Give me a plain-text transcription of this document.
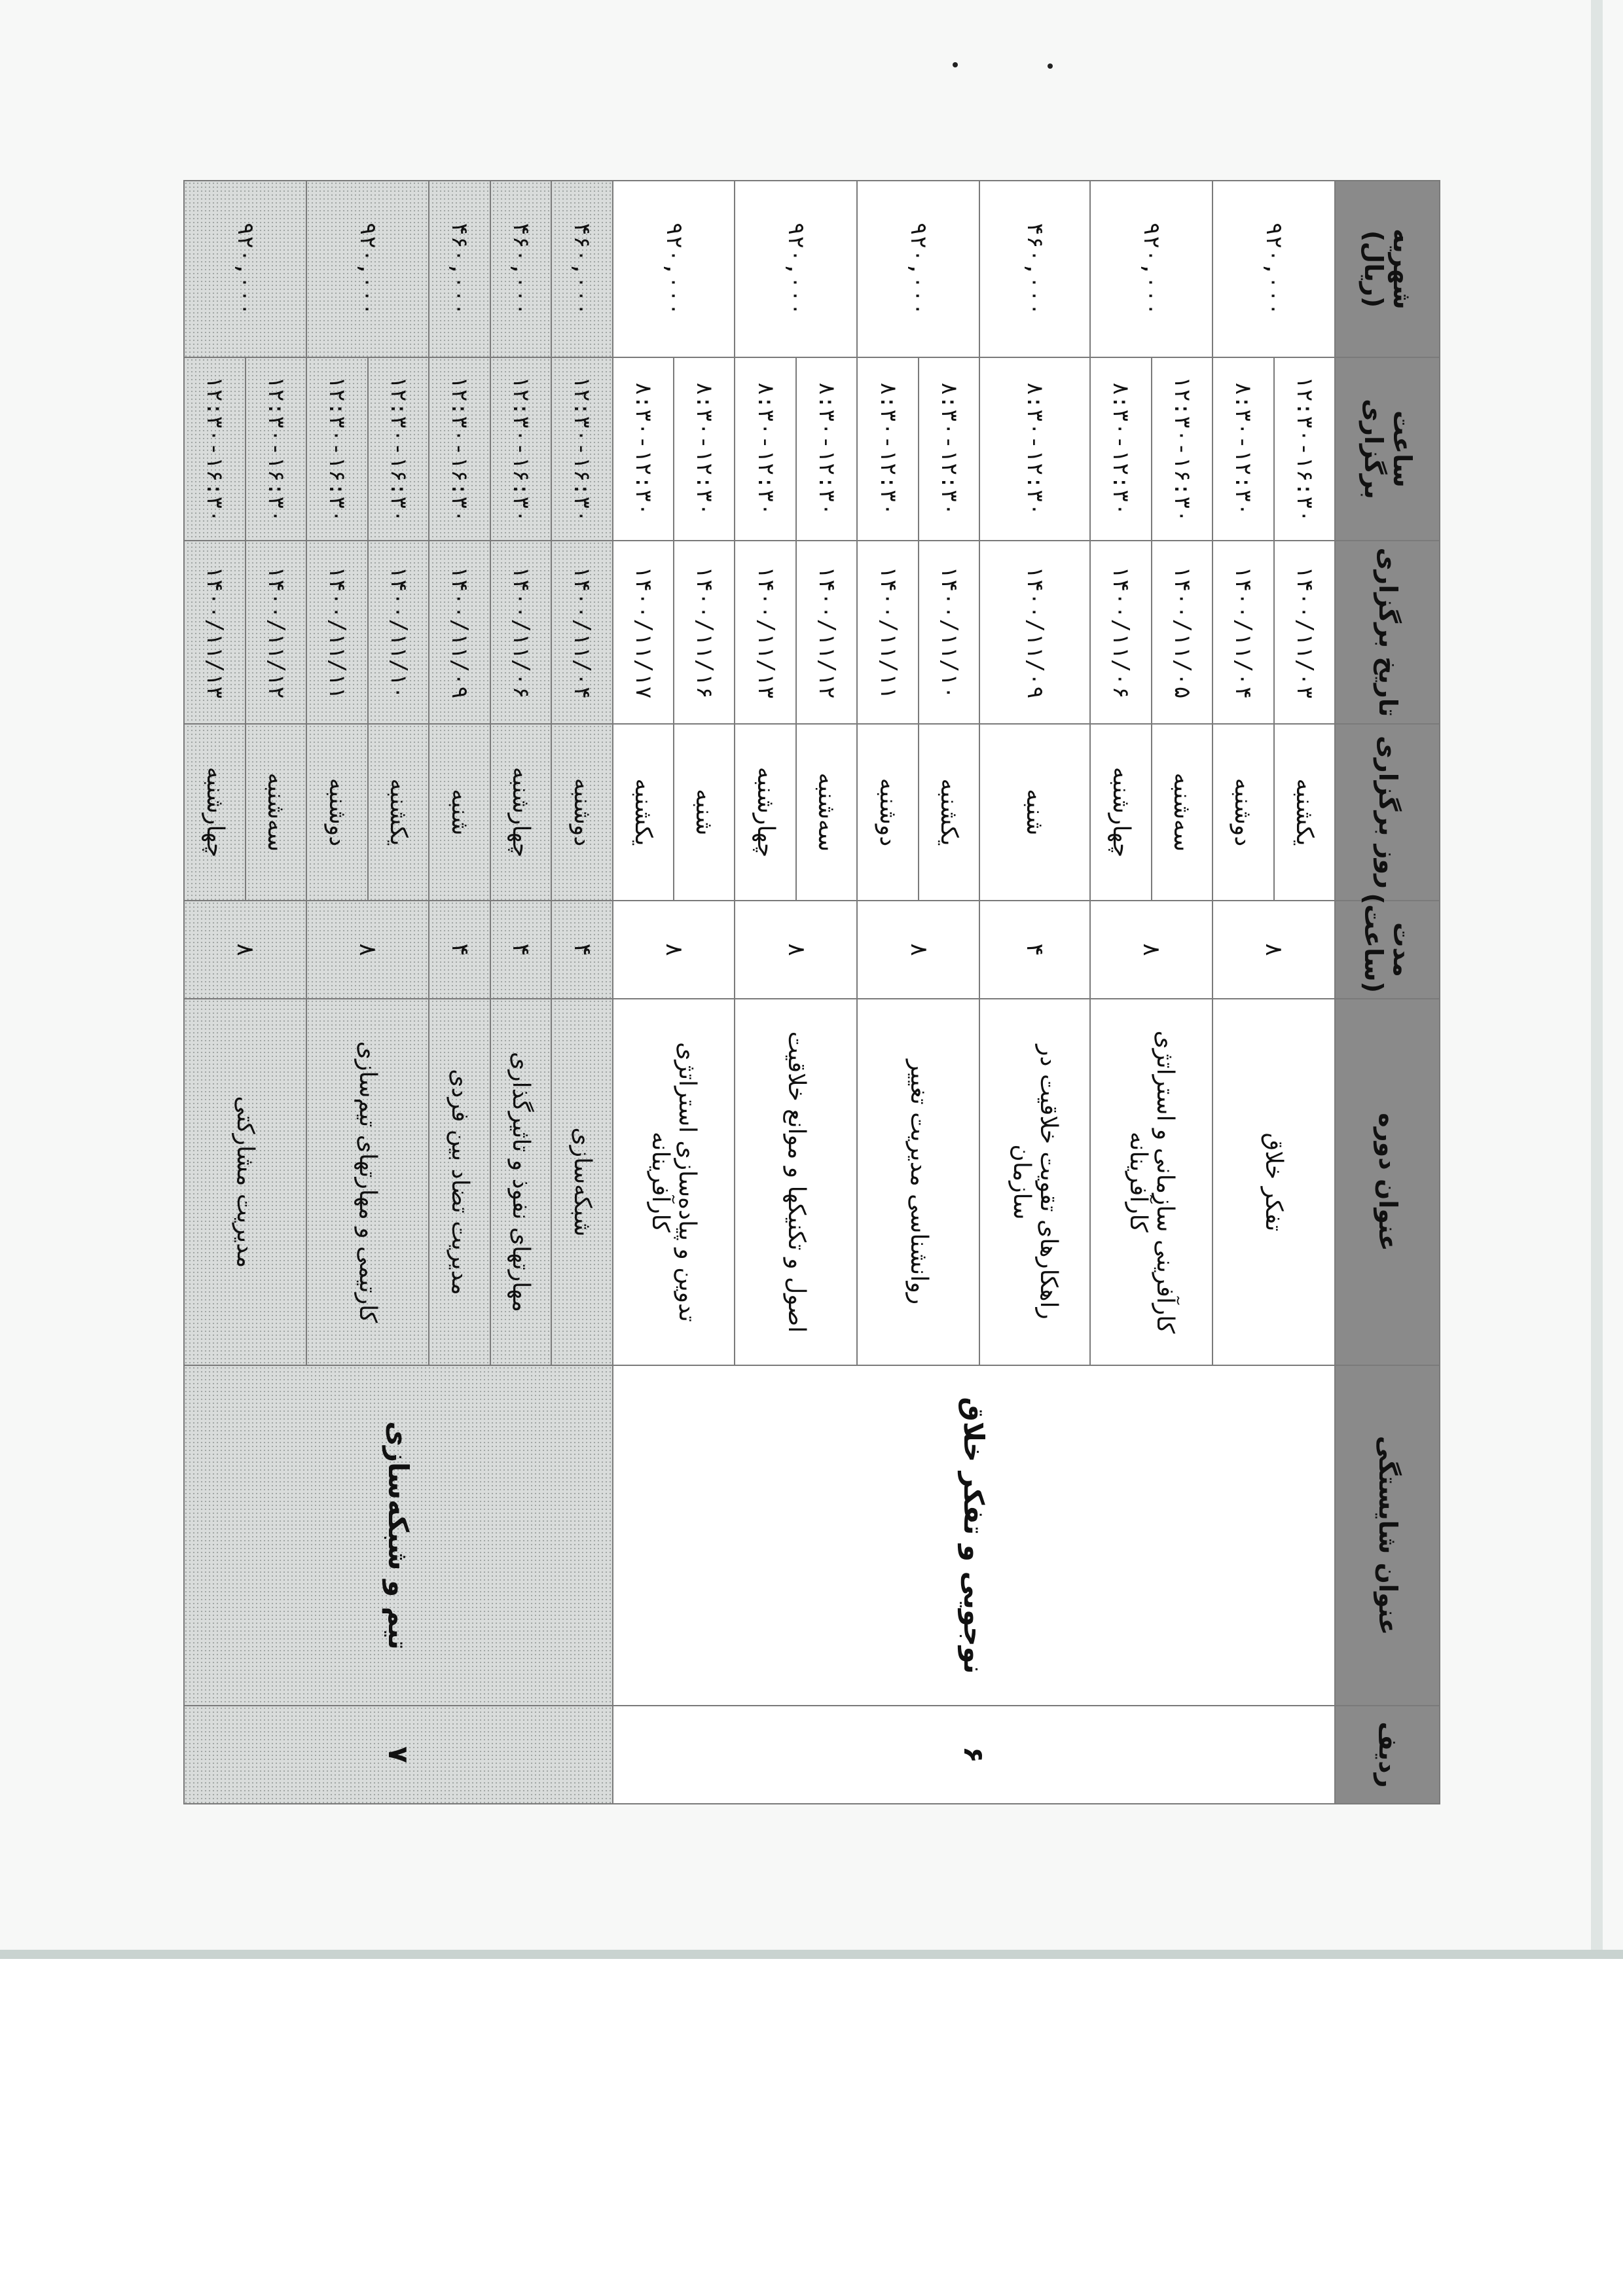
ردیف	عنوان شایستگی	عنوان دوره	مدت (ساعت)	روز برگزاری	تاریخ برگزاری	ساعت برگزاری	شهریه (ریال)
۶	نوجویی و تفکر خلاق	تفکر خلاق	۸	یکشنبه	۱۴۰۰/۱۱/۰۳	۱۲:۳۰-۱۶:۳۰	۹۲۰,۰۰۰
				دوشنبه	۱۴۰۰/۱۱/۰۴	۸:۳۰-۱۲:۳۰	
		کارآفرینی سازمانی و استراتژی کارآفرینانه	۸	سه‌شنبه	۱۴۰۰/۱۱/۰۵	۱۲:۳۰-۱۶:۳۰	۹۲۰,۰۰۰
				چهارشنبه	۱۴۰۰/۱۱/۰۶	۸:۳۰-۱۲:۳۰	
		راهکارهای تقویت خلاقیت در سازمان	۴	شنبه	۱۴۰۰/۱۱/۰۹	۸:۳۰-۱۲:۳۰	۴۶۰,۰۰۰
		روانشناسی مدیریت تغییر	۸	یکشنبه	۱۴۰۰/۱۱/۱۰	۸:۳۰-۱۲:۳۰	۹۲۰,۰۰۰
				دوشنبه	۱۴۰۰/۱۱/۱۱	۸:۳۰-۱۲:۳۰	
		اصول و تکنیکها و موانع خلاقیت	۸	سه‌شنبه	۱۴۰۰/۱۱/۱۲	۸:۳۰-۱۲:۳۰	۹۲۰,۰۰۰
				چهارشنبه	۱۴۰۰/۱۱/۱۳	۸:۳۰-۱۲:۳۰	
		تدوین و پیاده‌سازی استراتژی کارآفرینانه	۸	شنبه	۱۴۰۰/۱۱/۱۶	۸:۳۰-۱۲:۳۰	۹۲۰,۰۰۰
				یکشنبه	۱۴۰۰/۱۱/۱۷	۸:۳۰-۱۲:۳۰	
۷	تیم و شبکه‌سازی	شبکه‌سازی	۴	دوشنبه	۱۴۰۰/۱۱/۰۴	۱۲:۳۰-۱۶:۳۰	۴۶۰,۰۰۰
		مهارتهای نفوذ و تاثیرگذاری	۴	چهارشنبه	۱۴۰۰/۱۱/۰۶	۱۲:۳۰-۱۶:۳۰	۴۶۰,۰۰۰
		مدیریت تضاد بین فردی	۴	شنبه	۱۴۰۰/۱۱/۰۹	۱۲:۳۰-۱۶:۳۰	۴۶۰,۰۰۰
		کارتیمی و مهارتهای تیم‌سازی	۸	یکشنبه	۱۴۰۰/۱۱/۱۰	۱۲:۳۰-۱۶:۳۰	۹۲۰,۰۰۰
				دوشنبه	۱۴۰۰/۱۱/۱۱	۱۲:۳۰-۱۶:۳۰	
		مدیریت مشارکتی	۸	سه‌شنبه	۱۴۰۰/۱۱/۱۲	۱۲:۳۰-۱۶:۳۰	۹۲۰,۰۰۰
				چهارشنبه	۱۴۰۰/۱۱/۱۳	۱۲:۳۰-۱۶:۳۰	
